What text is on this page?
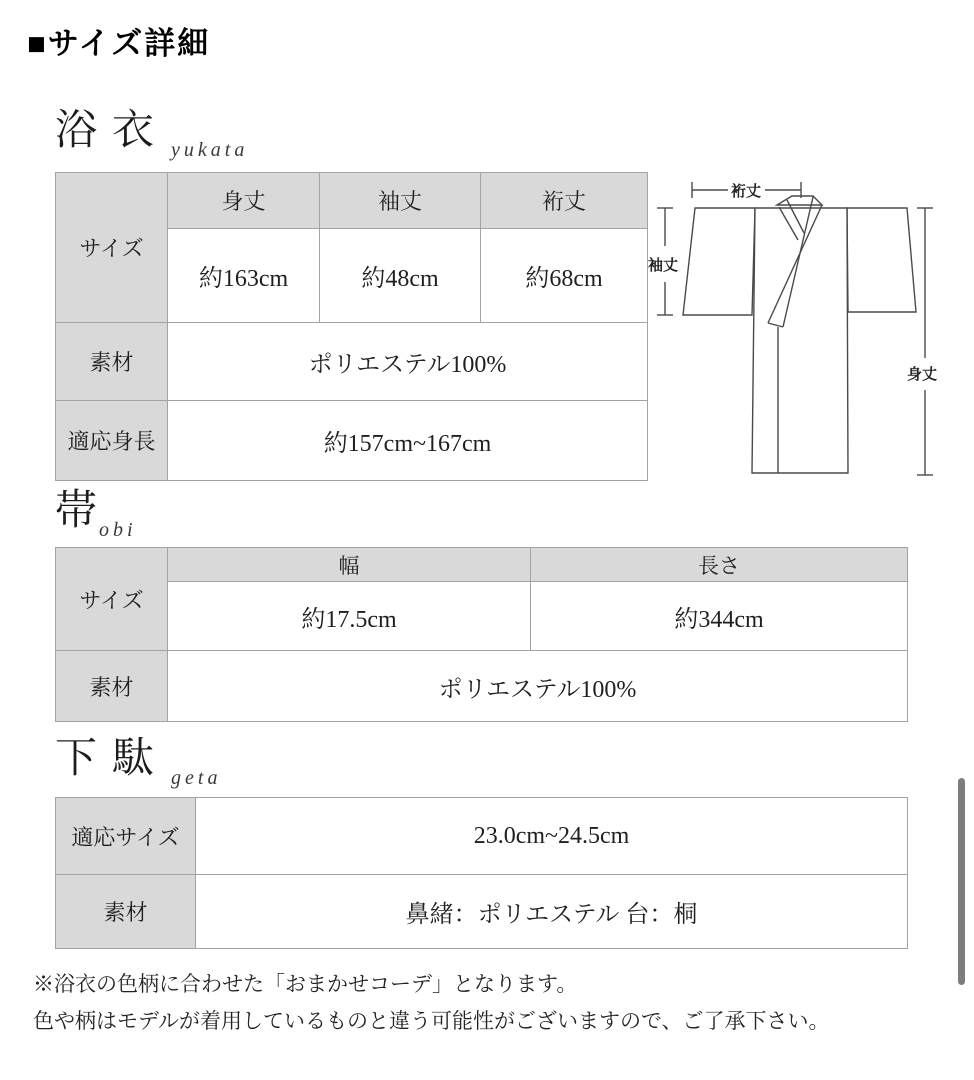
■サイズ詳細
浴衣 yukata
サイズ	身丈	袖丈	裄丈
	約163cm	約48cm	約68cm
素材	ポリエステル100%		
適応身長	約157cm~167cm		
裄丈
袖丈
身丈
帯 obi
サイズ	幅	長さ
	約17.5cm	約344cm
素材	ポリエステル100%	
下駄 geta
適応サイズ	23.0cm~24.5cm
素材	鼻緒：ポリエステル 台：桐

※浴衣の色柄に合わせた「おまかせコーデ」となります。

色や柄はモデルが着用しているものと違う可能性がございますので、ご了承下さい。
